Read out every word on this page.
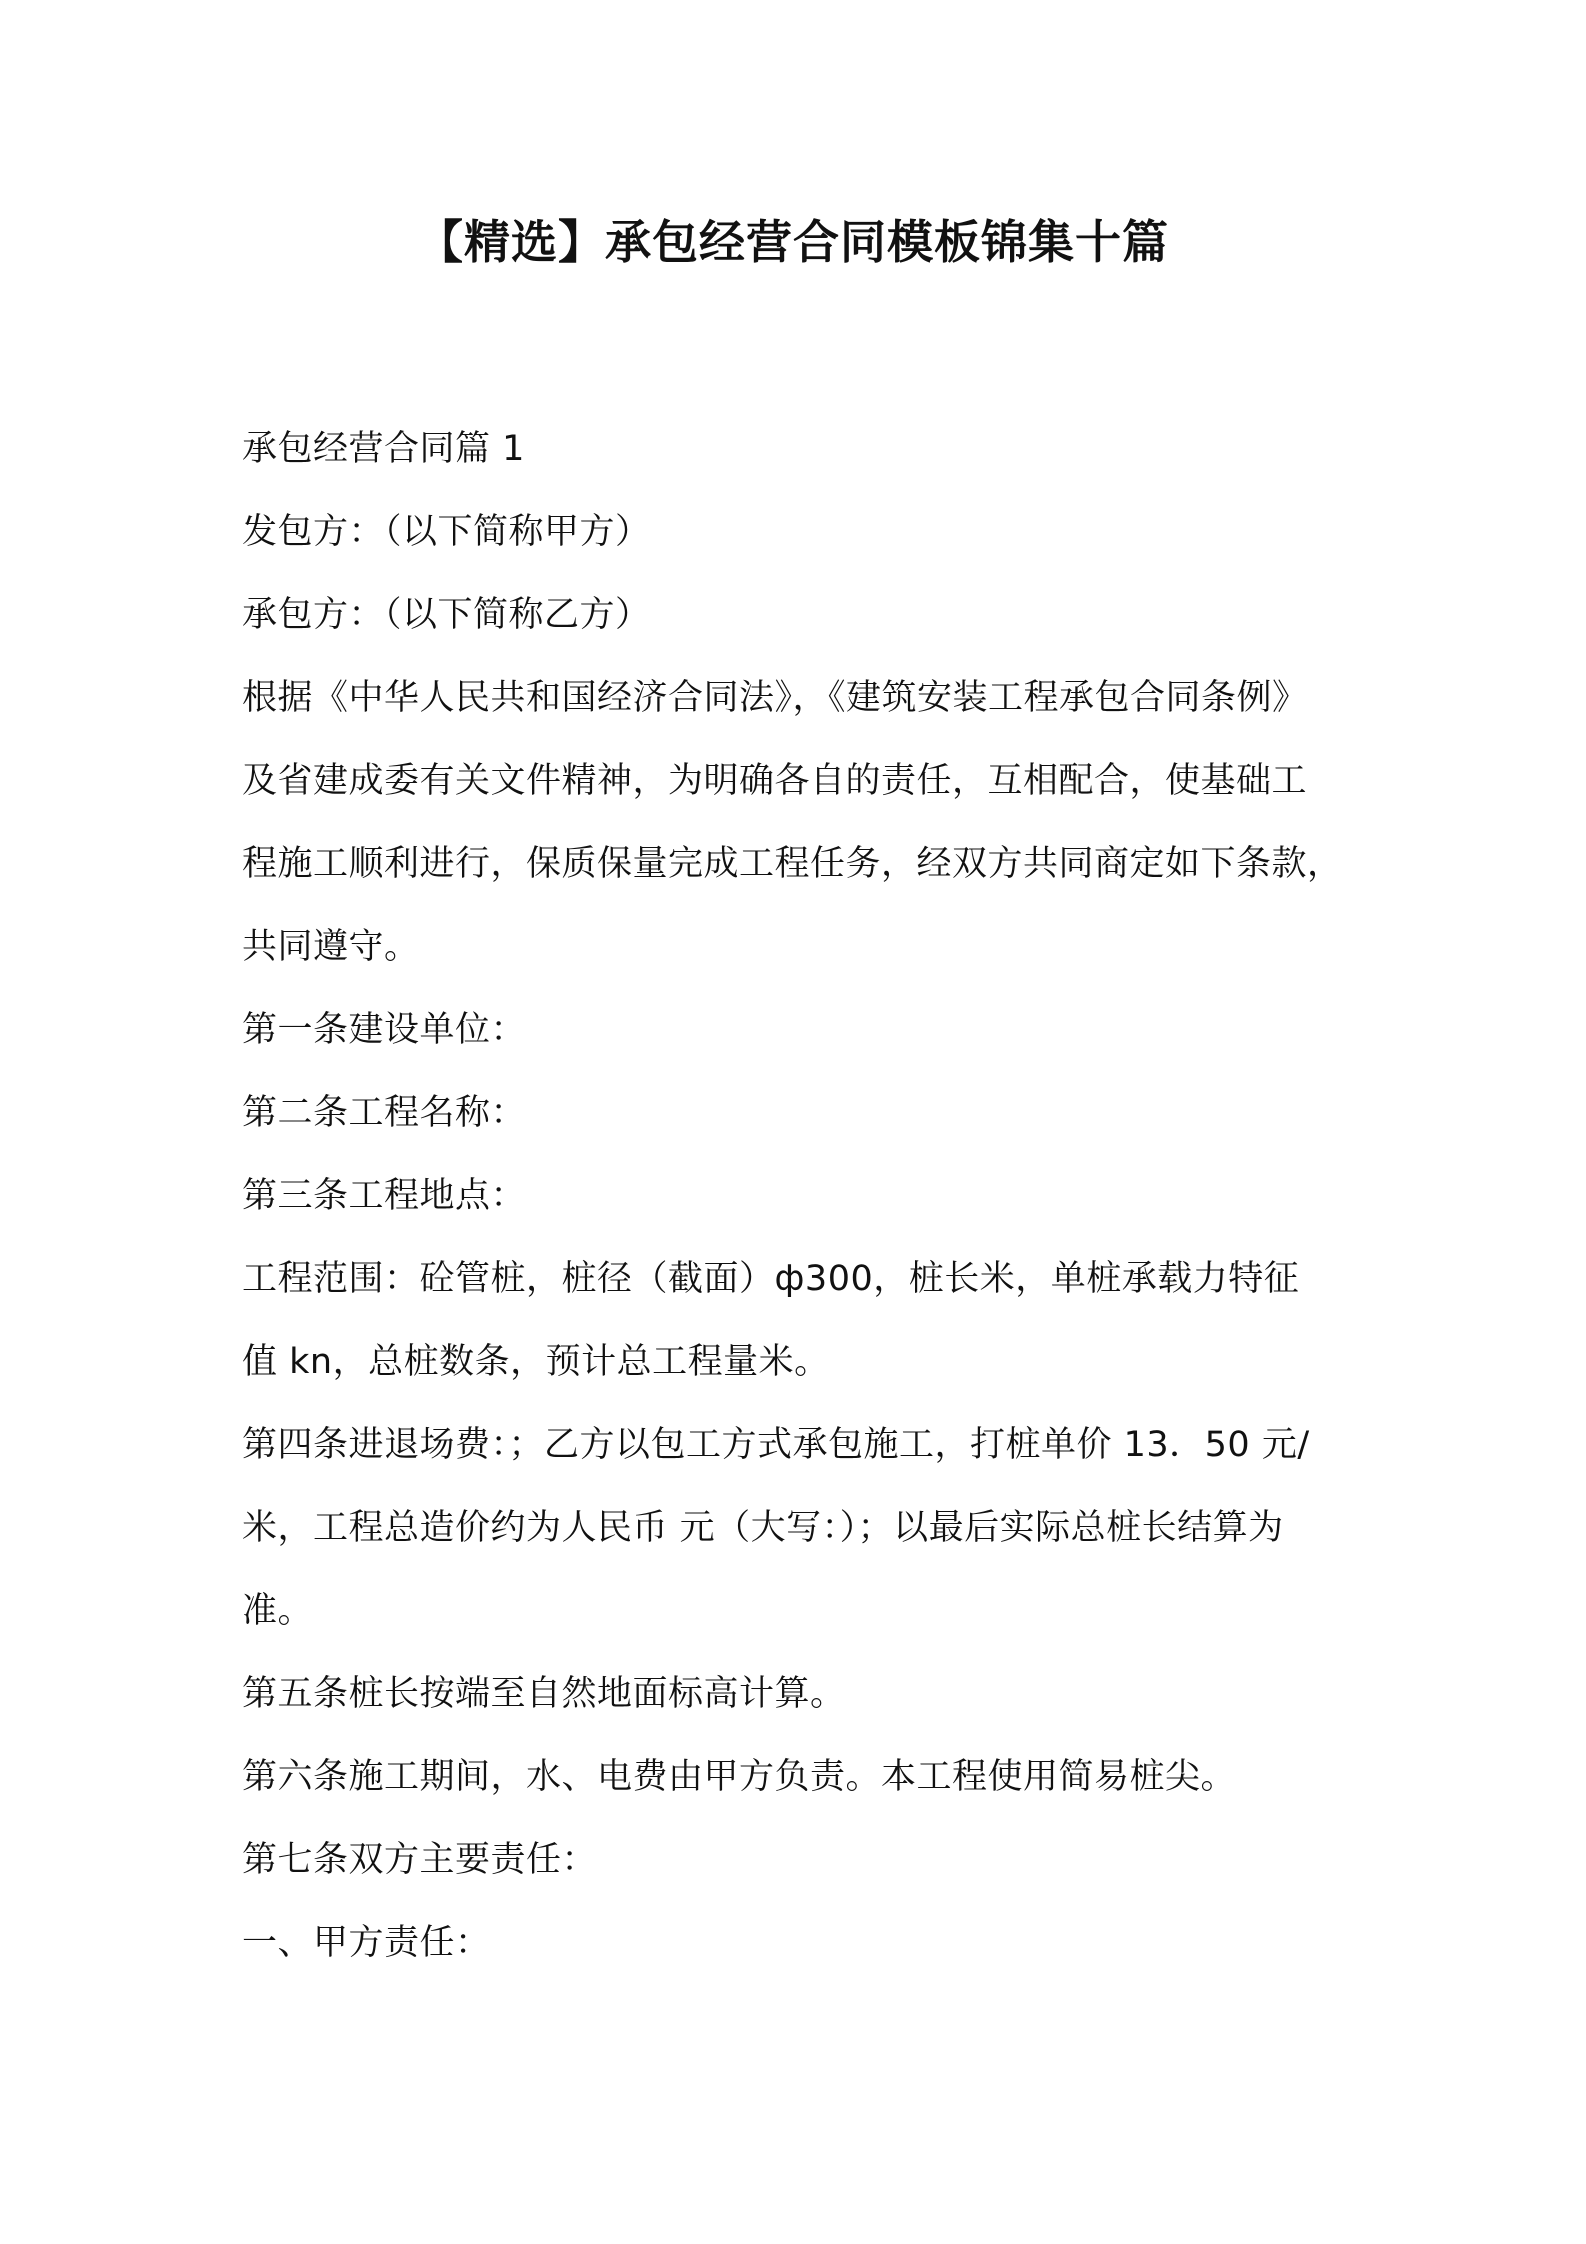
【精选】承包经营合同模板锦集十篇

承包经营合同篇 1

发包方：（以下简称甲方）

承包方：（以下简称乙方）

根据《中华人民共和国经济合同法》，《建筑安装工程承包合同条例》

及省建成委有关文件精神，为明确各自的责任，互相配合，使基础工

程施工顺利进行，保质保量完成工程任务，经双方共同商定如下条款，

共同遵守。

第一条建设单位：

第二条工程名称：

第三条工程地点：

工程范围：砼管桩，桩径（截面）ф300，桩长米，单桩承载力特征

值 kn，总桩数条，预计总工程量米。

第四条进退场费：；乙方以包工方式承包施工，打桩单价 13．50 元/

米，工程总造价约为人民币 元（大写：）；以最后实际总桩长结算为

准。

第五条桩长按端至自然地面标高计算。

第六条施工期间，水、电费由甲方负责。本工程使用简易桩尖。

第七条双方主要责任：

一、甲方责任：
